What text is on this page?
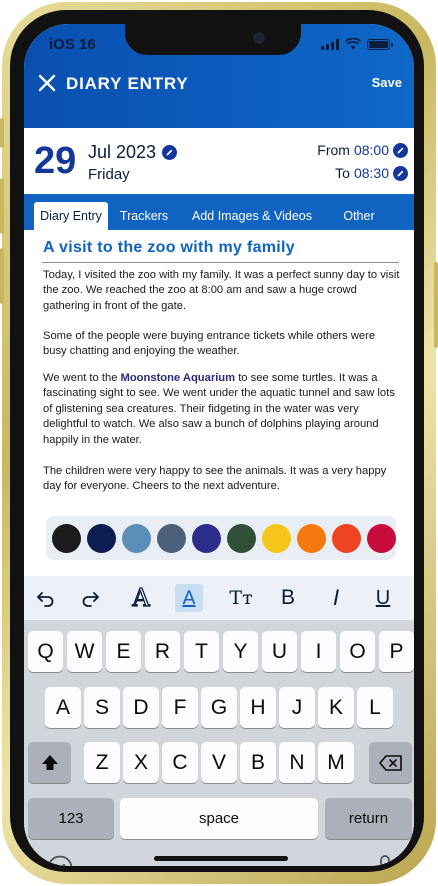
iOS 16
DIARY ENTRY	Save
29 Jul 2023
Friday
From 08:00
To 08:30
Diary Entry	Trackers	Add Images & Videos	Other
A visit to the zoo with my family
Today, I visited the zoo with my family. It was a perfect sunny day to visit the zoo. We reached the zoo at 8:00 am and saw a huge crowd gathering in front of the gate.
Some of the people were buying entrance tickets while others were busy chatting and enjoying the weather.
We went to the Moonstone Aquarium to see some turtles. It was a fascinating sight to see. We went under the aquatic tunnel and saw lots of glistening sea creatures. Their fidgeting in the water was very delightful to watch. We also saw a bunch of dolphins playing around happily in the water.
The children were very happy to see the animals. It was a very happy day for everyone. Cheers to the next adventure.
A A Tт B I U
Q W	E	R	T	Y	U	I	O	P
A	S	D	F	G	H	J	K	L
Z	X	C	V	B	N	M
123	space	return
